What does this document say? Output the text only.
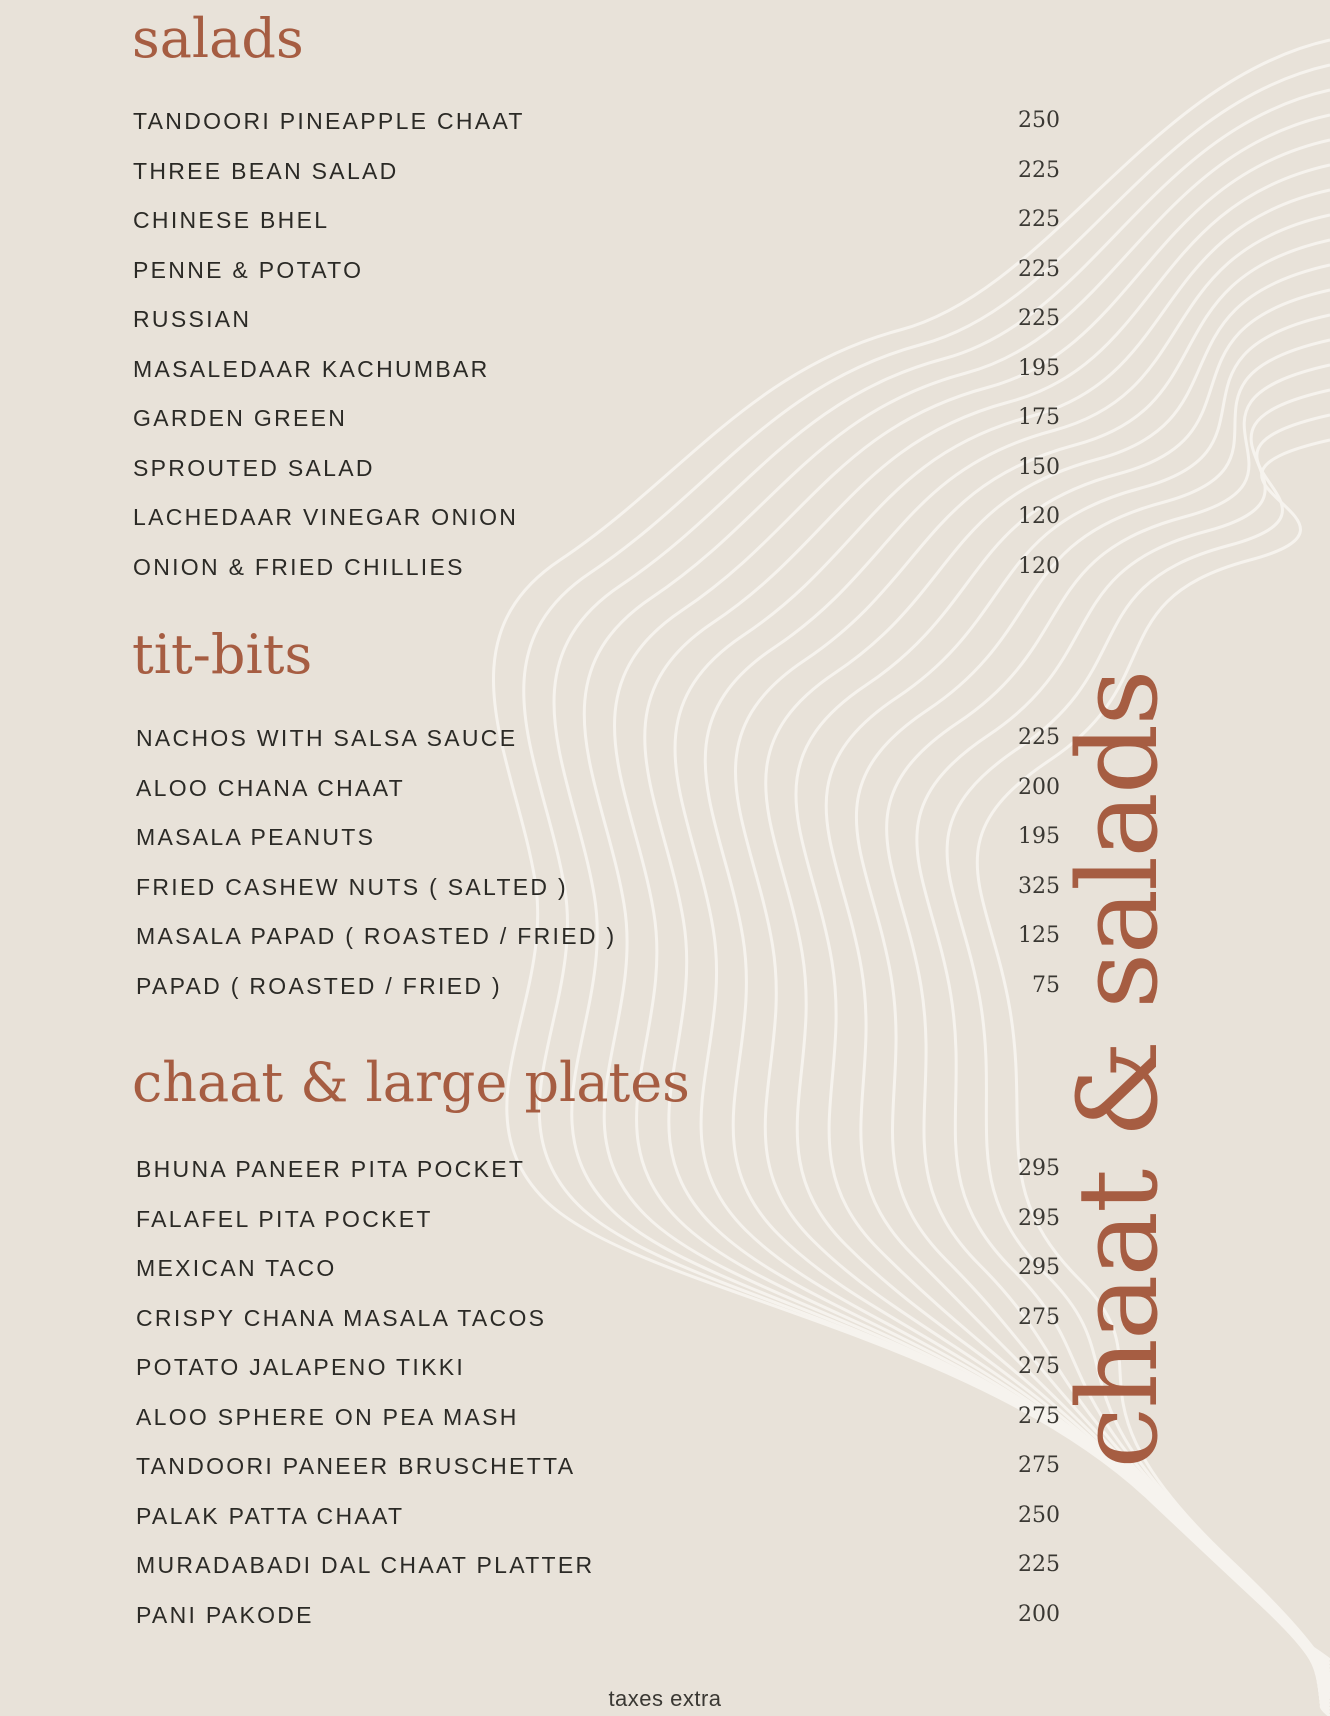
salads
TANDOORI PINEAPPLE CHAAT	250
THREE BEAN SALAD	225
CHINESE BHEL	225
PENNE & POTATO	225
RUSSIAN	225
MASALEDAAR KACHUMBAR	195
GARDEN GREEN	175
SPROUTED SALAD	150
LACHEDAAR VINEGAR ONION	120
ONION & FRIED CHILLIES	120
tit-bits
NACHOS WITH SALSA SAUCE	225
ALOO CHANA CHAAT	200
MASALA PEANUTS	195
FRIED CASHEW NUTS ( SALTED )	325
MASALA PAPAD ( ROASTED / FRIED )	125
PAPAD ( ROASTED / FRIED )	75
chaat & large plates
BHUNA PANEER PITA POCKET	295
FALAFEL PITA POCKET	295
MEXICAN TACO	295
CRISPY CHANA MASALA TACOS	275
POTATO JALAPENO TIKKI	275
ALOO SPHERE ON PEA MASH	275
TANDOORI PANEER BRUSCHETTA	275
PALAK PATTA CHAAT	250
MURADABADI DAL CHAAT PLATTER	225
PANI PAKODE	200
chaat & salads
taxes extra
